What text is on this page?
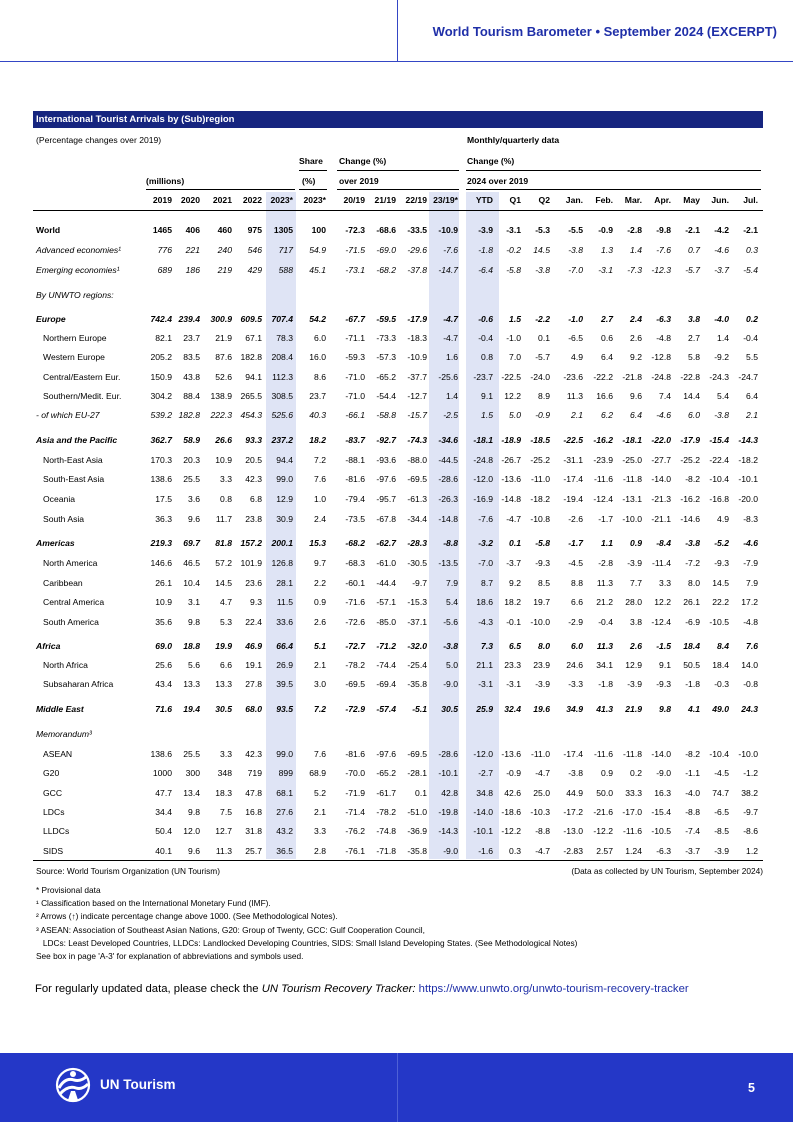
World Tourism Barometer • September 2024 (EXCERPT)
International Tourist Arrivals by (Sub)region
(Percentage changes over 2019)	Monthly/quarterly data
Share Change (%)	Change (%)
(millions)	(%)	over 2019	2024 over 2019
2019 2020 2021 2022 2023* 2023* 20/19 21/19 22/19 23/19* YTD Q1 Q2 Jan. Feb. Mar. Apr. May Jun. Jul.
World	1465 406 460 975 1305 100 -72.3 -68.6 -33.5 -10.9 -3.9 -3.1 -5.3 -5.5 -0.9 -2.8 -9.8 -2.1 -4.2 -2.1
Advanced economies¹	776 221 240 546 717 54.9 -71.5 -69.0 -29.6 -7.6 -1.8 -0.2 14.5 -3.8 1.3 1.4 -7.6 0.7 -4.6 0.3
Emerging economies¹	689 186 219 429 588 45.1 -73.1 -68.2 -37.8 -14.7 -6.4 -5.8 -3.8 -7.0 -3.1 -7.3 -12.3 -5.7 -3.7 -5.4
By UNWTO regions:
Europe	742.4 239.4 300.9 609.5 707.4 54.2 -67.7 -59.5 -17.9 -4.7 -0.6 1.5 -2.2 -1.0 2.7 2.4 -6.3 3.8 -4.0 0.2
Northern Europe	82.1 23.7 21.9 67.1 78.3 6.0 -71.1 -73.3 -18.3 -4.7 -0.4 -1.0 0.1 -6.5 0.6 2.6 -4.8 2.7 1.4 -0.4
Western Europe	205.2 83.5 87.6 182.8 208.4 16.0 -59.3 -57.3 -10.9 1.6	0.8 7.0 -5.7 4.9 6.4 9.2 -12.8 5.8 -9.2 5.5
Central/Eastern Eur.	150.9 43.8 52.6 94.1 112.3 8.6 -71.0 -65.2 -37.7 -25.6 -23.7 -22.5 -24.0 -23.6 -22.2 -21.8 -24.8 -22.8 -24.3 -24.7
Southern/Medit. Eur.	304.2 88.4 138.9 265.5 308.5 23.7 -71.0 -54.4 -12.7 1.4	9.1 12.2 8.9 11.3 16.6 9.6 7.4 14.4 5.4 6.4
- of which EU-27	539.2 182.8 222.3 454.3 525.6 40.3 -66.1 -58.8 -15.7 -2.5	1.5 5.0 -0.9 2.1 6.2 6.4 -4.6 6.0 -3.8 2.1
Asia and the Pacific	362.7 58.9 26.6 93.3 237.2 18.2 -83.7 -92.7 -74.3 -34.6 -18.1 -18.9 -18.5 -22.5 -16.2 -18.1 -22.0 -17.9 -15.4 -14.3
North-East Asia	170.3 20.3 10.9 20.5 94.4 7.2 -88.1 -93.6 -88.0 -44.5 -24.8 -26.7 -25.2 -31.1 -23.9 -25.0 -27.7 -25.2 -22.4 -18.2
South-East Asia	138.6 25.5 3.3 42.3 99.0 7.6 -81.6 -97.6 -69.5 -28.6 -12.0 -13.6 -11.0 -17.4 -11.6 -11.8 -14.0 -8.2 -10.4 -10.1
Oceania	17.5 3.6 0.8 6.8 12.9 1.0 -79.4 -95.7 -61.3 -26.3 -16.9 -14.8 -18.2 -19.4 -12.4 -13.1 -21.3 -16.2 -16.8 -20.0
South Asia	36.3 9.6 11.7 23.8 30.9 2.4 -73.5 -67.8 -34.4 -14.8 -7.6 -4.7 -10.8 -2.6 -1.7 -10.0 -21.1 -14.6 4.9 -8.3
Americas	219.3 69.7 81.8 157.2 200.1 15.3 -68.2 -62.7 -28.3 -8.8 -3.2 0.1 -5.8 -1.7 1.1 0.9 -8.4 -3.8 -5.2 -4.6
North America	146.6 46.5 57.2 101.9 126.8 9.7 -68.3 -61.0 -30.5 -13.5 -7.0 -3.7 -9.3 -4.5 -2.8 -3.9 -11.4 -7.2 -9.3 -7.9
Caribbean	26.1 10.4 14.5 23.6 28.1 2.2 -60.1 -44.4 -9.7 7.9	8.7 9.2 8.5 8.8 11.3 7.7 3.3 8.0 14.5 7.9
Central America	10.9 3.1 4.7 9.3 11.5 0.9 -71.6 -57.1 -15.3 5.4 18.6 18.2 19.7 6.6 21.2 28.0 12.2 26.1 22.2 17.2
South America	35.6 9.8 5.3 22.4 33.6 2.6 -72.6 -85.0 -37.1 -5.6 -4.3 -0.1 -10.0 -2.9 -0.4 3.8 -12.4 -6.9 -10.5 -4.8
Africa	69.0 18.8 19.9 46.9 66.4 5.1 -72.7 -71.2 -32.0 -3.8	7.3 6.5 8.0 6.0 11.3 2.6 -1.5 18.4 8.4 7.6
North Africa	25.6 5.6 6.6 19.1 26.9 2.1 -78.2 -74.4 -25.4 5.0 21.1 23.3 23.9 24.6 34.1 12.9 9.1 50.5 18.4 14.0
Subsaharan Africa	43.4 13.3 13.3 27.8 39.5 3.0 -69.5 -69.4 -35.8 -9.0 -3.1 -3.1 -3.9 -3.3 -1.8 -3.9 -9.3 -1.8 -0.3 -0.8
Middle East	71.6 19.4 30.5 68.0 93.5 7.2 -72.9 -57.4 -5.1 30.5 25.9 32.4 19.6 34.9 41.3 21.9 9.8 4.1 49.0 24.3
Memorandum³
ASEAN	138.6 25.5 3.3 42.3 99.0 7.6 -81.6 -97.6 -69.5 -28.6 -12.0 -13.6 -11.0 -17.4 -11.6 -11.8 -14.0 -8.2 -10.4 -10.0
G20	1000 300 348 719 899 68.9 -70.0 -65.2 -28.1 -10.1 -2.7 -0.9 -4.7 -3.8 0.9 0.2 -9.0 -1.1 -4.5 -1.2
GCC	47.7 13.4 18.3 47.8 68.1 5.2 -71.9 -61.7 0.1 42.8 34.8 42.6 25.0 44.9 50.0 33.3 16.3 -4.0 74.7 38.2
LDCs	34.4 9.8 7.5 16.8 27.6 2.1 -71.4 -78.2 -51.0 -19.8 -14.0 -18.6 -10.3 -17.2 -21.6 -17.0 -15.4 -8.8 -6.5 -9.7
LLDCs	50.4 12.0 12.7 31.8 43.2 3.3 -76.2 -74.8 -36.9 -14.3 -10.1 -12.2 -8.8 -13.0 -12.2 -11.6 -10.5 -7.4 -8.5 -8.6
SIDS	40.1 9.6 11.3 25.7 36.5 2.8 -76.1 -71.8 -35.8 -9.0 -1.6 0.3 -4.7 -2.83 2.57 1.24 -6.3 -3.7 -3.9 1.2
Source: World Tourism Organization (UN Tourism)	(Data as collected by UN Tourism, September 2024)
* Provisional data
¹ Classification based on the International Monetary Fund (IMF).
² Arrows (↑) indicate percentage change above 1000. (See Methodological Notes).
³ ASEAN: Association of Southeast Asian Nations, G20: Group of Twenty, GCC: Gulf Cooperation Council,
LDCs: Least Developed Countries, LLDCs: Landlocked Developing Countries, SIDS: Small Island Developing States. (See Methodological Notes)
See box in page 'A-3' for explanation of abbreviations and symbols used.
For regularly updated data, please check the UN Tourism Recovery Tracker: https://www.unwto.org/unwto-tourism-recovery-tracker
UN Tourism	5
